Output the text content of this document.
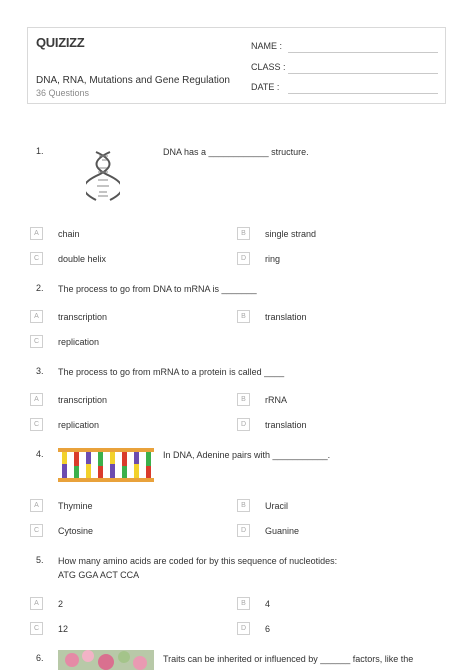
QUIZIZZ
DNA, RNA, Mutations and Gene Regulation
36 Questions
NAME :
CLASS :
DATE :
1.	DNA has a ____________ structure.
A	chain	B	single strand
C	double helix	D	ring
2. The process to go from DNA to mRNA is _______
A	transcription	B	translation
C	replication
3. The process to go from mRNA to a protein is called ____
A	transcription	B	rRNA
C	replication	D	translation
4.	In DNA, Adenine pairs with ___________.
A	Thymine	B	Uracil
C	Cytosine	D	Guanine
5. How many amino acids are coded for by this sequence of nucleotides:
ATG GGA ACT CCA
A	2	B	4
C	12	D	6
6.	Traits can be inherited or influenced by ______ factors, like the
